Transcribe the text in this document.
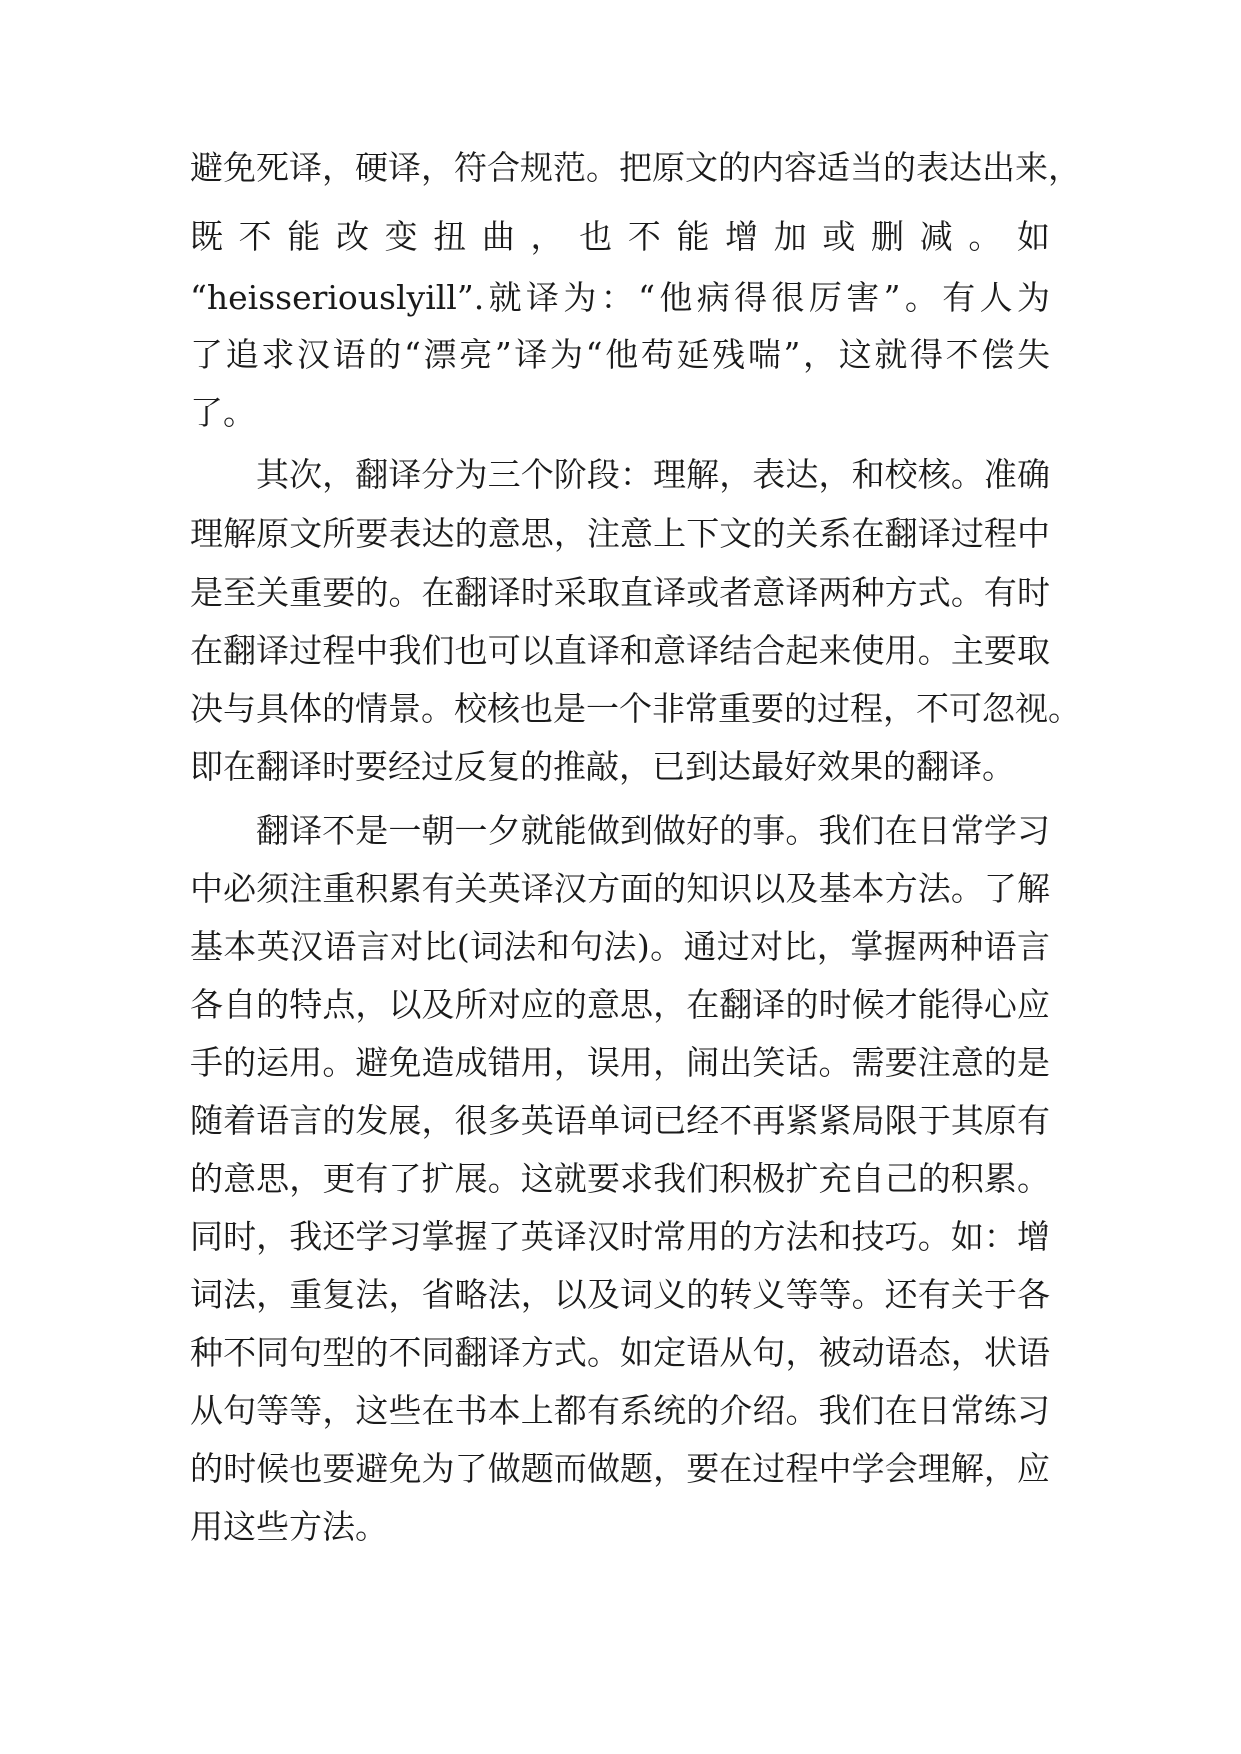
避免死译，硬译，符合规范。把原文的内容适当的表达出来，

既 不 能 改 变 扭 曲 ， 也 不 能 增 加 或 删 减 。 如

“heisseriouslyill”.就译为：“他病得很厉害”。有人为

了追求汉语的“漂亮”译为“他苟延残喘”，这就得不偿失

了。

其次，翻译分为三个阶段：理解，表达，和校核。准确

理解原文所要表达的意思，注意上下文的关系在翻译过程中

是至关重要的。在翻译时采取直译或者意译两种方式。有时

在翻译过程中我们也可以直译和意译结合起来使用。主要取

决与具体的情景。校核也是一个非常重要的过程，不可忽视。

即在翻译时要经过反复的推敲，已到达最好效果的翻译。

翻译不是一朝一夕就能做到做好的事。我们在日常学习

中必须注重积累有关英译汉方面的知识以及基本方法。了解

基本英汉语言对比(词法和句法)。通过对比，掌握两种语言

各自的特点，以及所对应的意思，在翻译的时候才能得心应

手的运用。避免造成错用，误用，闹出笑话。需要注意的是

随着语言的发展，很多英语单词已经不再紧紧局限于其原有

的意思，更有了扩展。这就要求我们积极扩充自己的积累。

同时，我还学习掌握了英译汉时常用的方法和技巧。如：增

词法，重复法，省略法，以及词义的转义等等。还有关于各

种不同句型的不同翻译方式。如定语从句，被动语态，状语

从句等等，这些在书本上都有系统的介绍。我们在日常练习

的时候也要避免为了做题而做题，要在过程中学会理解，应

用这些方法。
